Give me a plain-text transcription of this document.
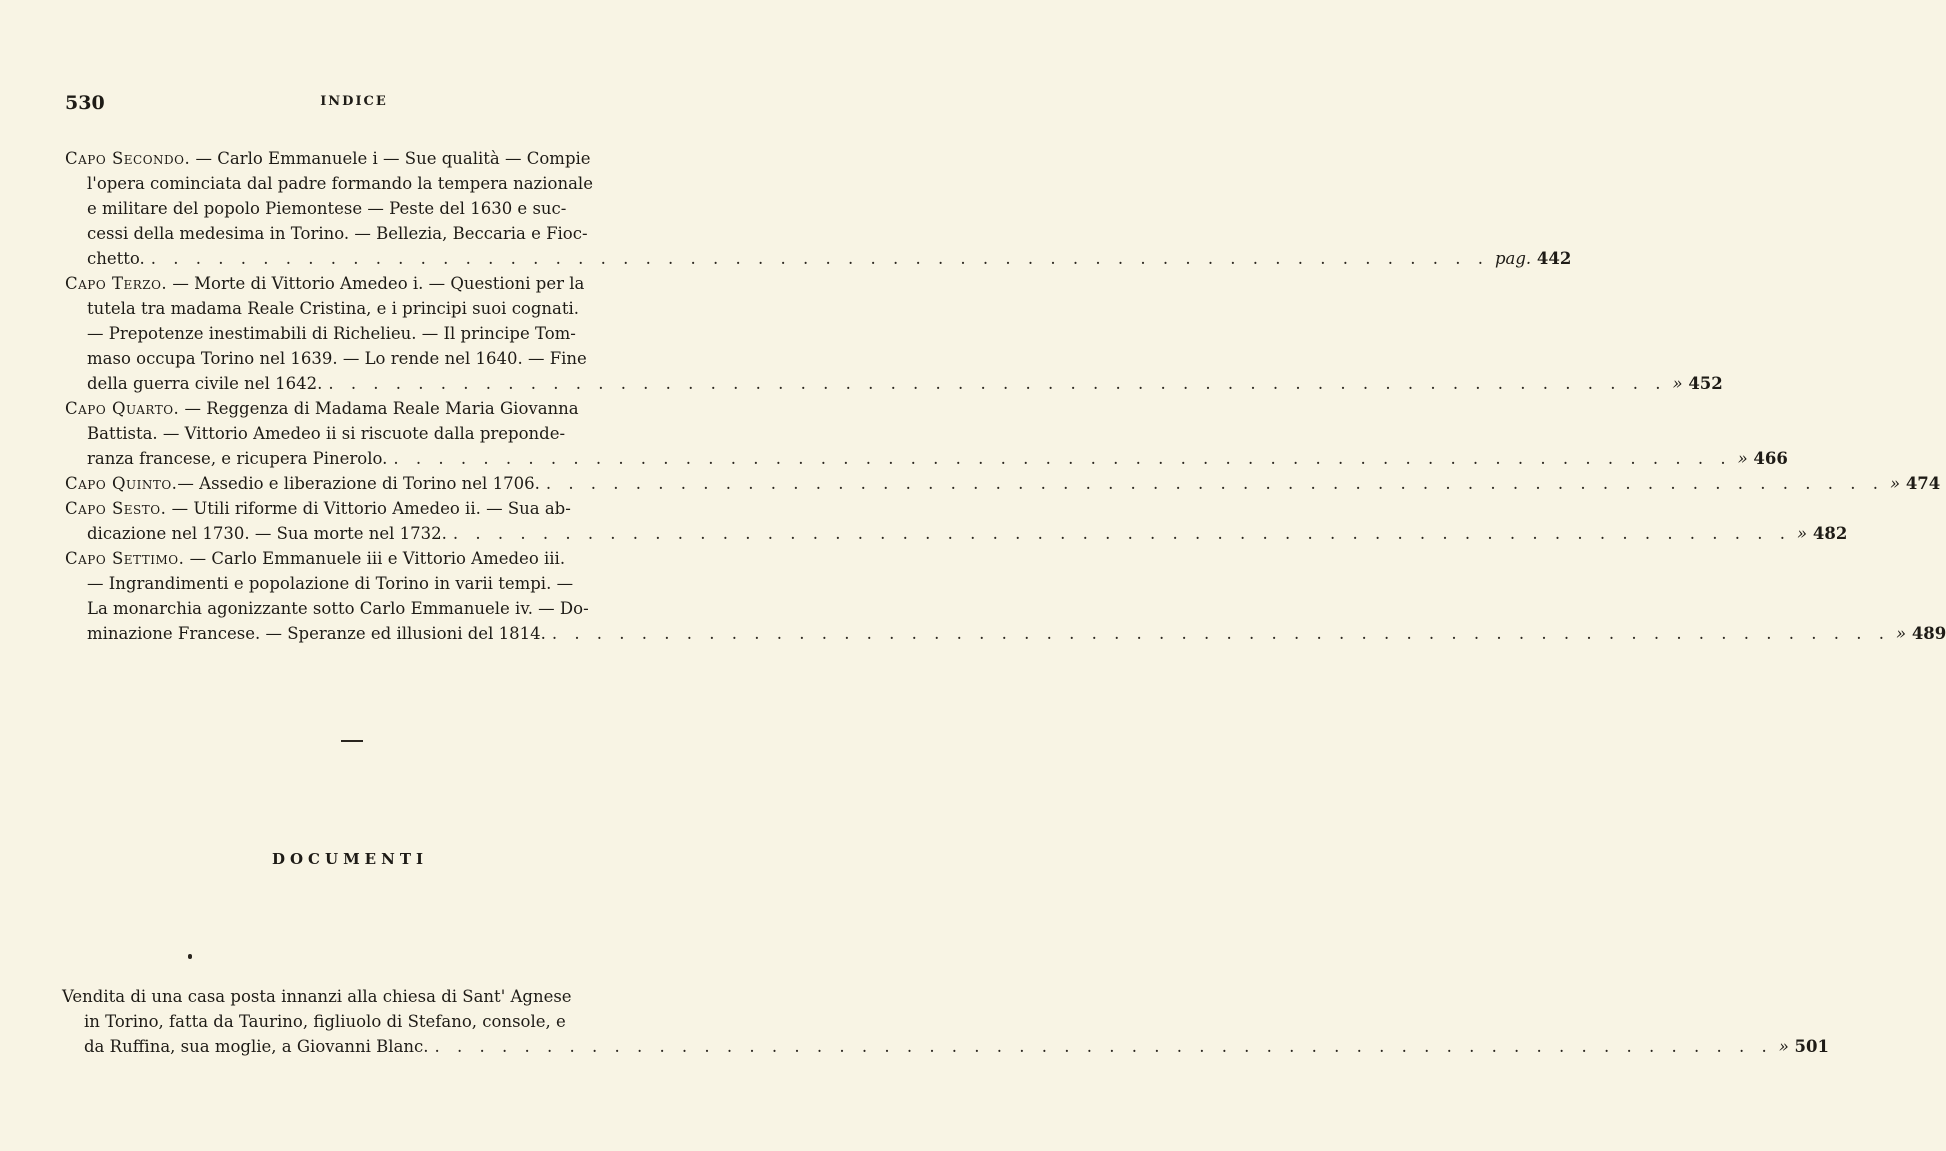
530	INDICE
Capo Secondo. — Carlo Emmanuele i — Sue qualità — Compie
l'opera cominciata dal padre formando la tempera nazionale
e militare del popolo Piemontese — Peste del 1630 e suc-
cessi della medesima in Torino. — Bellezia, Beccaria e Fioc-
chetto. . . . . . . . . . . . . . . . . . . . . . . . . . . . . . . . . . . . . . . . . . . . . . . . . . . . . . . . . . . . . pag. 442
Capo Terzo. — Morte di Vittorio Amedeo i. — Questioni per la
tutela tra madama Reale Cristina, e i principi suoi cognati.
— Prepotenze inestimabili di Richelieu. — Il principe Tom-
maso occupa Torino nel 1639. — Lo rende nel 1640. — Fine
della guerra civile nel 1642. . . . . . . . . . . . . . . . . . . . . . . . . . . . . . . . . . . . . . . . . . . . . . . . . . . . . . . . . . . . . » 452
Capo Quarto. — Reggenza di Madama Reale Maria Giovanna
Battista. — Vittorio Amedeo ii si riscuote dalla preponde-
ranza francese, e ricupera Pinerolo. . . . . . . . . . . . . . . . . . . . . . . . . . . . . . . . . . . . . . . . . . . . . . . . . . . . . . . . . . . . . » 466
Capo Quinto. — Assedio e liberazione di Torino nel 1706. . . . . . . . . . . . . . . . . . . . . . . . . . . . . . . . . . . . . . . . . . . . . . . . . . . . . . . . . . . . . » 474
Capo Sesto. — Utili riforme di Vittorio Amedeo ii. — Sua ab-
dicazione nel 1730. — Sua morte nel 1732. . . . . . . . . . . . . . . . . . . . . . . . . . . . . . . . . . . . . . . . . . . . . . . . . . . . . . . . . . . . . » 482
Capo Settimo. — Carlo Emmanuele iii e Vittorio Amedeo iii.
— Ingrandimenti e popolazione di Torino in varii tempi. —
La monarchia agonizzante sotto Carlo Emmanuele iv. — Do-
minazione Francese. — Speranze ed illusioni del 1814. . . . . . . . . . . . . . . . . . . . . . . . . . . . . . . . . . . . . . . . . . . . . . . . . . . . . . . . . . . . . » 489
DOCUMENTI
Vendita di una casa posta innanzi alla chiesa di Sant' Agnese
in Torino, fatta da Taurino, figliuolo di Stefano, console, e
da Ruffina, sua moglie, a Giovanni Blanc. . . . . . . . . . . . . . . . . . . . . . . . . . . . . . . . . . . . . . . . . . . . . . . . . . . . . . . . . . . . . » 501
